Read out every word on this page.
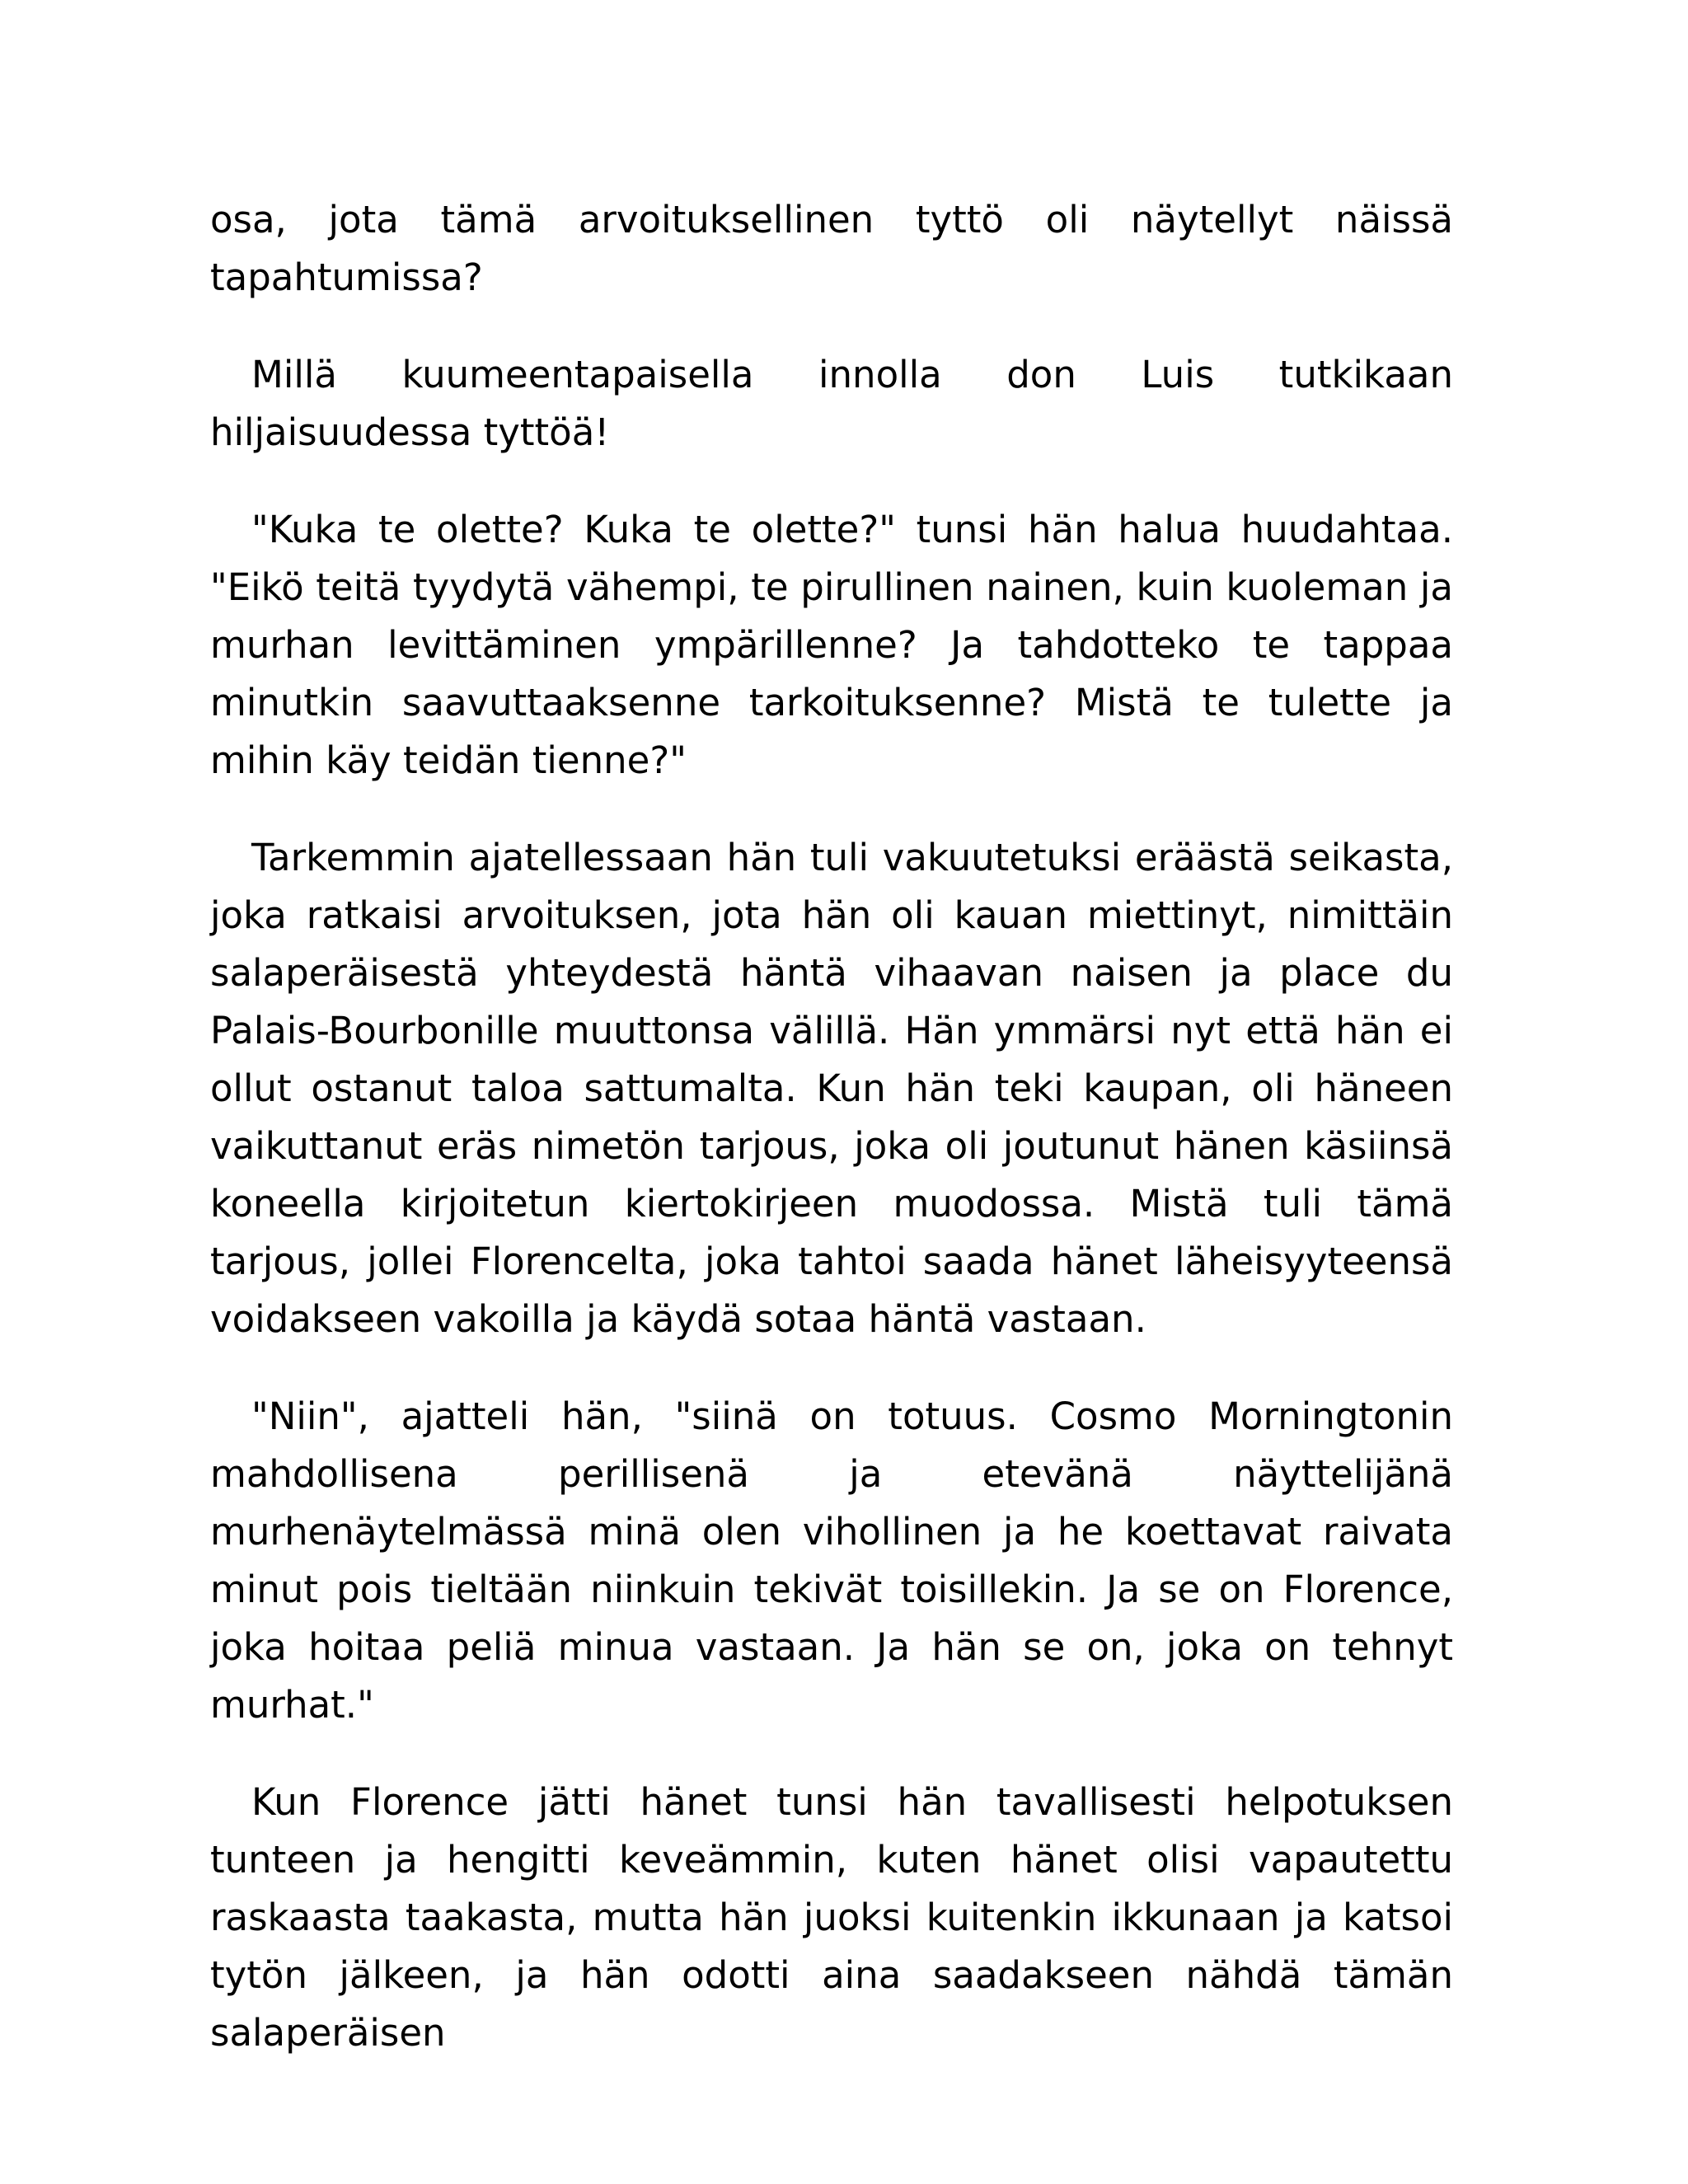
osa, jota tämä arvoituksellinen tyttö oli näytellyt näissä tapahtumissa?

Millä kuumeentapaisella innolla don Luis tutkikaan hiljaisuudessa tyttöä!

"Kuka te olette? Kuka te olette?" tunsi hän halua huudahtaa. "Eikö teitä tyydytä vähempi, te pirullinen nainen, kuin kuoleman ja murhan levittäminen ympärillenne? Ja tahdotteko te tappaa minutkin saavuttaaksenne tarkoituksenne? Mistä te tulette ja mihin käy teidän tienne?"

Tarkemmin ajatellessaan hän tuli vakuutetuksi eräästä seikasta, joka ratkaisi arvoituksen, jota hän oli kauan miettinyt, nimittäin salaperäisestä yhteydestä häntä vihaavan naisen ja place du Palais-Bourbonille muuttonsa välillä. Hän ymmärsi nyt että hän ei ollut ostanut taloa sattumalta. Kun hän teki kaupan, oli häneen vaikuttanut eräs nimetön tarjous, joka oli joutunut hänen käsiinsä koneella kirjoitetun kiertokirjeen muodossa. Mistä tuli tämä tarjous, jollei Florencelta, joka tahtoi saada hänet läheisyyteensä voidakseen vakoilla ja käydä sotaa häntä vastaan.

"Niin", ajatteli hän, "siinä on totuus. Cosmo Morningtonin mahdollisena perillisenä ja etevänä näyttelijänä murhenäytelmässä minä olen vihollinen ja he koettavat raivata minut pois tieltään niinkuin tekivät toisillekin. Ja se on Florence, joka hoitaa peliä minua vastaan. Ja hän se on, joka on tehnyt murhat."

Kun Florence jätti hänet tunsi hän tavallisesti helpotuksen tunteen ja hengitti keveämmin, kuten hänet olisi vapautettu raskaasta taakasta, mutta hän juoksi kuitenkin ikkunaan ja katsoi tytön jälkeen, ja hän odotti aina saadakseen nähdä tämän salaperäisen
